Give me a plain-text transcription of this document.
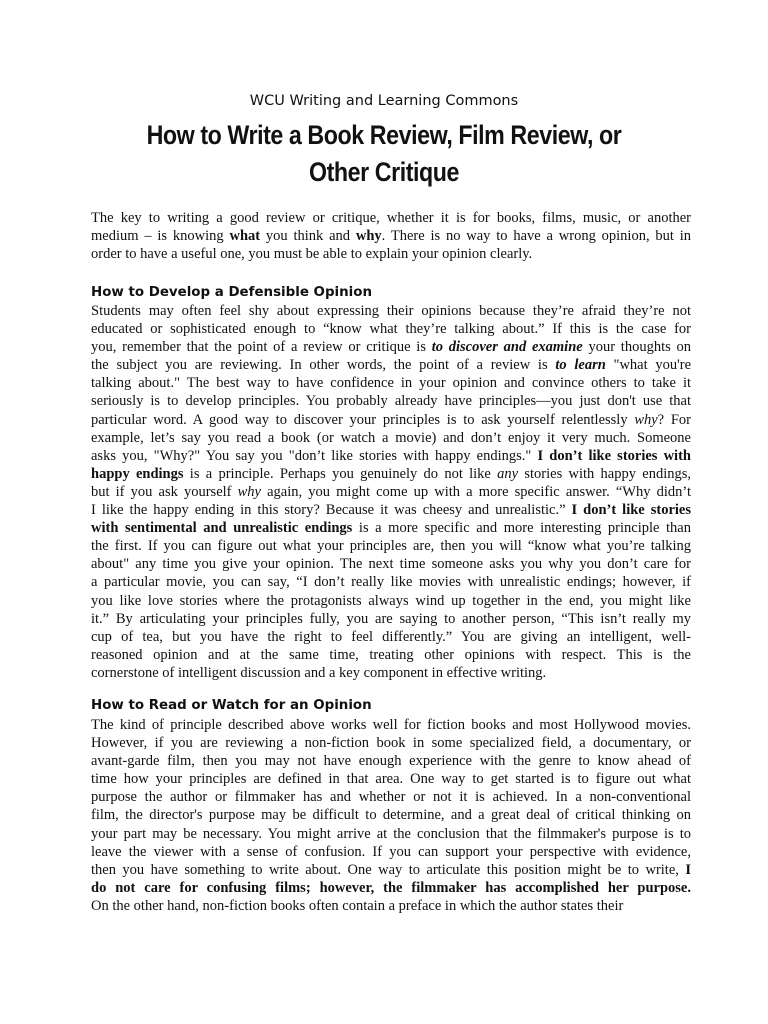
WCU Writing and Learning Commons
How to Write a Book Review, Film Review, or
Other Critique

The key to writing a good review or critique, whether it is for books, films, music, or another
medium – is knowing what you think and why. There is no way to have a wrong opinion, but in
order to have a useful one, you must be able to explain your opinion clearly.

How to Develop a Defensible Opinion

Students may often feel shy about expressing their opinions because they’re afraid they’re not
educated or sophisticated enough to “know what they’re talking about.” If this is the case for
you, remember that the point of a review or critique is to discover and examine your thoughts on
the subject you are reviewing. In other words, the point of a review is to learn "what you're
talking about." The best way to have confidence in your opinion and convince others to take it
seriously is to develop principles. You probably already have principles—you just don't use that
particular word. A good way to discover your principles is to ask yourself relentlessly why? For
example, let’s say you read a book (or watch a movie) and don’t enjoy it very much. Someone
asks you, "Why?" You say you "don’t like stories with happy endings." I don’t like stories with
happy endings is a principle. Perhaps you genuinely do not like any stories with happy endings,
but if you ask yourself why again, you might come up with a more specific answer. “Why didn’t
I like the happy ending in this story? Because it was cheesy and unrealistic.” I don’t like stories
with sentimental and unrealistic endings is a more specific and more interesting principle than
the first. If you can figure out what your principles are, then you will “know what you’re talking
about" any time you give your opinion. The next time someone asks you why you don’t care for
a particular movie, you can say, “I don’t really like movies with unrealistic endings; however, if
you like love stories where the protagonists always wind up together in the end, you might like
it.” By articulating your principles fully, you are saying to another person, “This isn’t really my
cup of tea, but you have the right to feel differently.” You are giving an intelligent, well-
reasoned opinion and at the same time, treating other opinions with respect. This is the
cornerstone of intelligent discussion and a key component in effective writing.

How to Read or Watch for an Opinion

The kind of principle described above works well for fiction books and most Hollywood movies.
However, if you are reviewing a non-fiction book in some specialized field, a documentary, or
avant-garde film, then you may not have enough experience with the genre to know ahead of
time how your principles are defined in that area. One way to get started is to figure out what
purpose the author or filmmaker has and whether or not it is achieved. In a non-conventional
film, the director's purpose may be difficult to determine, and a great deal of critical thinking on
your part may be necessary. You might arrive at the conclusion that the filmmaker's purpose is to
leave the viewer with a sense of confusion. If you can support your perspective with evidence,
then you have something to write about. One way to articulate this position might be to write, I
do not care for confusing films; however, the filmmaker has accomplished her purpose.
On the other hand, non-fiction books often contain a preface in which the author states their
